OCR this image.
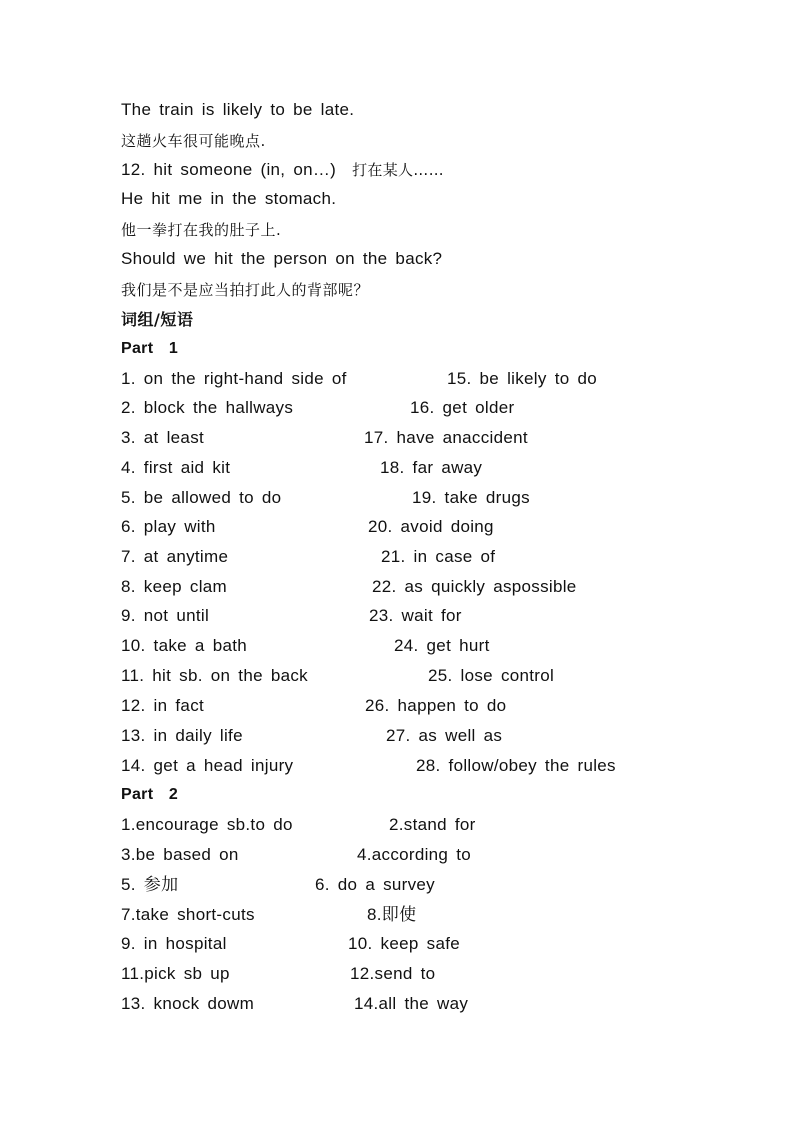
The train is likely to be late.
这趟火车很可能晚点.
12. hit someone (in, on…) 打在某人……
He hit me in the stomach.
他一拳打在我的肚子上.
Should we hit the person on the back?
我们是不是应当拍打此人的背部呢？
词组/短语
Part  1
1. on the right-hand side of	15. be likely to do
2. block the hallways	16. get older
3. at least	17. have anaccident
4. first aid kit	18. far away
5. be allowed to do	19. take drugs
6. play with	20. avoid doing
7. at anytime	21. in case of
8. keep clam	22. as quickly aspossible
9. not until	23. wait for
10. take a bath	24. get hurt
11. hit sb. on the back	25. lose control
12. in fact	26. happen to do
13. in daily life	27. as well as
14. get a head injury	28. follow/obey the rules
Part  2
1.encourage sb.to do	2.stand for
3.be based on	4.according to
5. 参加	6. do a survey
7.take short-cuts	8.即使
9. in hospital	10. keep safe
11.pick sb up	12.send to
13. knock dowm	14.all the way
